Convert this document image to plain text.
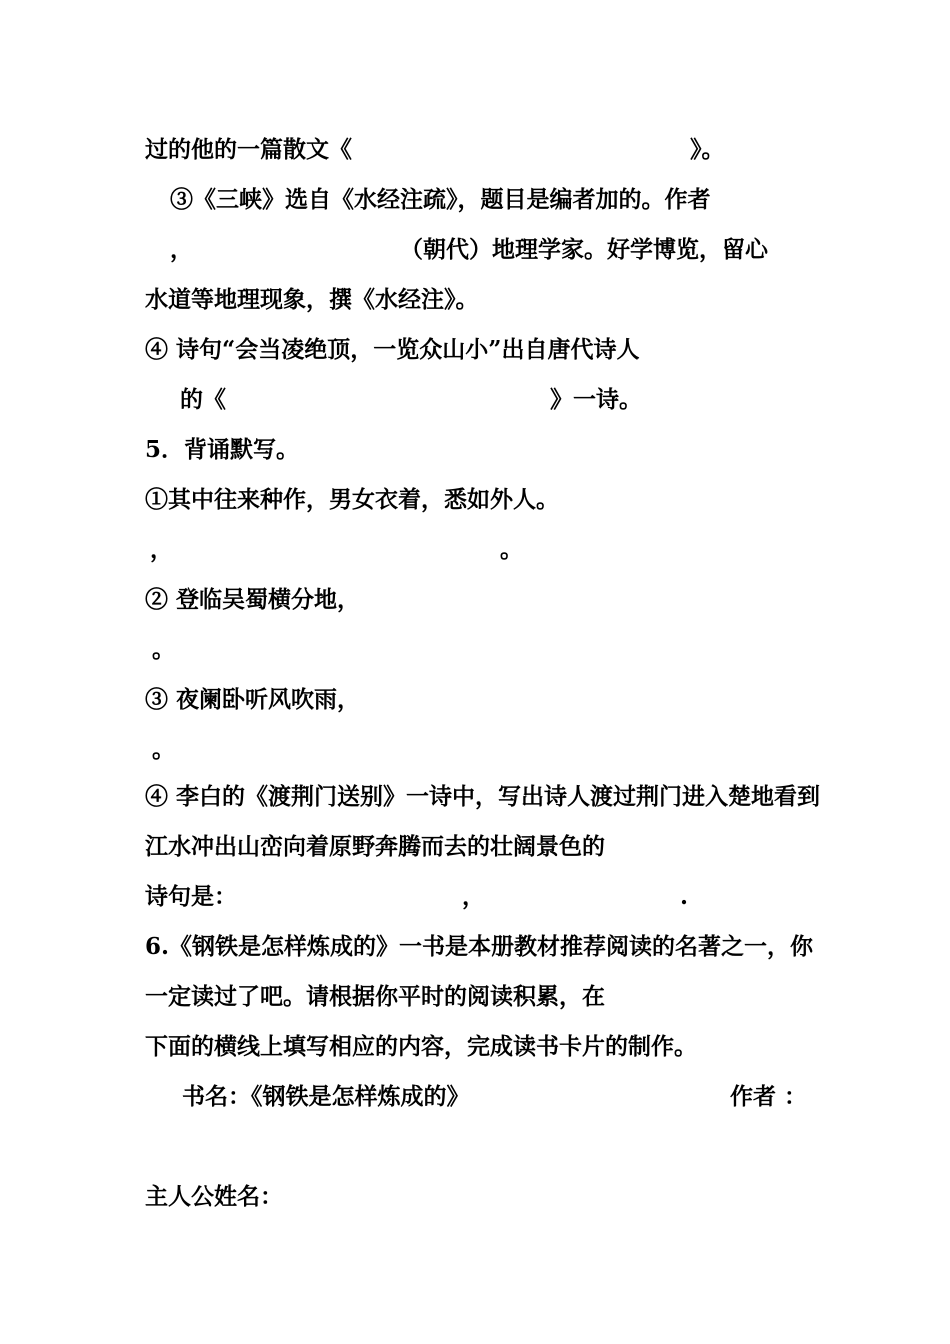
过的他的一篇散文《	》。
③《三峡》选自《水经注疏》，题目是编者加的。作者
，	（朝代）地理学家。好学博览，留心
水道等地理现象，撰《水经注》。
④ 诗句“会当凌绝顶，一览众山小”出自唐代诗人
的《	》一诗。
5．背诵默写。
①其中往来种作，男女衣着，悉如外人。
，	。
② 登临吴蜀横分地，
。
③ 夜阑卧听风吹雨，
。
④ 李白的《渡荆门送别》一诗中，写出诗人渡过荆门进入楚地看到
江水冲出山峦向着原野奔腾而去的壮阔景色的
诗句是：	，	.
6.《钢铁是怎样炼成的》一书是本册教材推荐阅读的名著之一，你
一定读过了吧。请根据你平时的阅读积累，在
下面的横线上填写相应的内容，完成读书卡片的制作。
书名：《钢铁是怎样炼成的》	作者 ：
主人公姓名：
